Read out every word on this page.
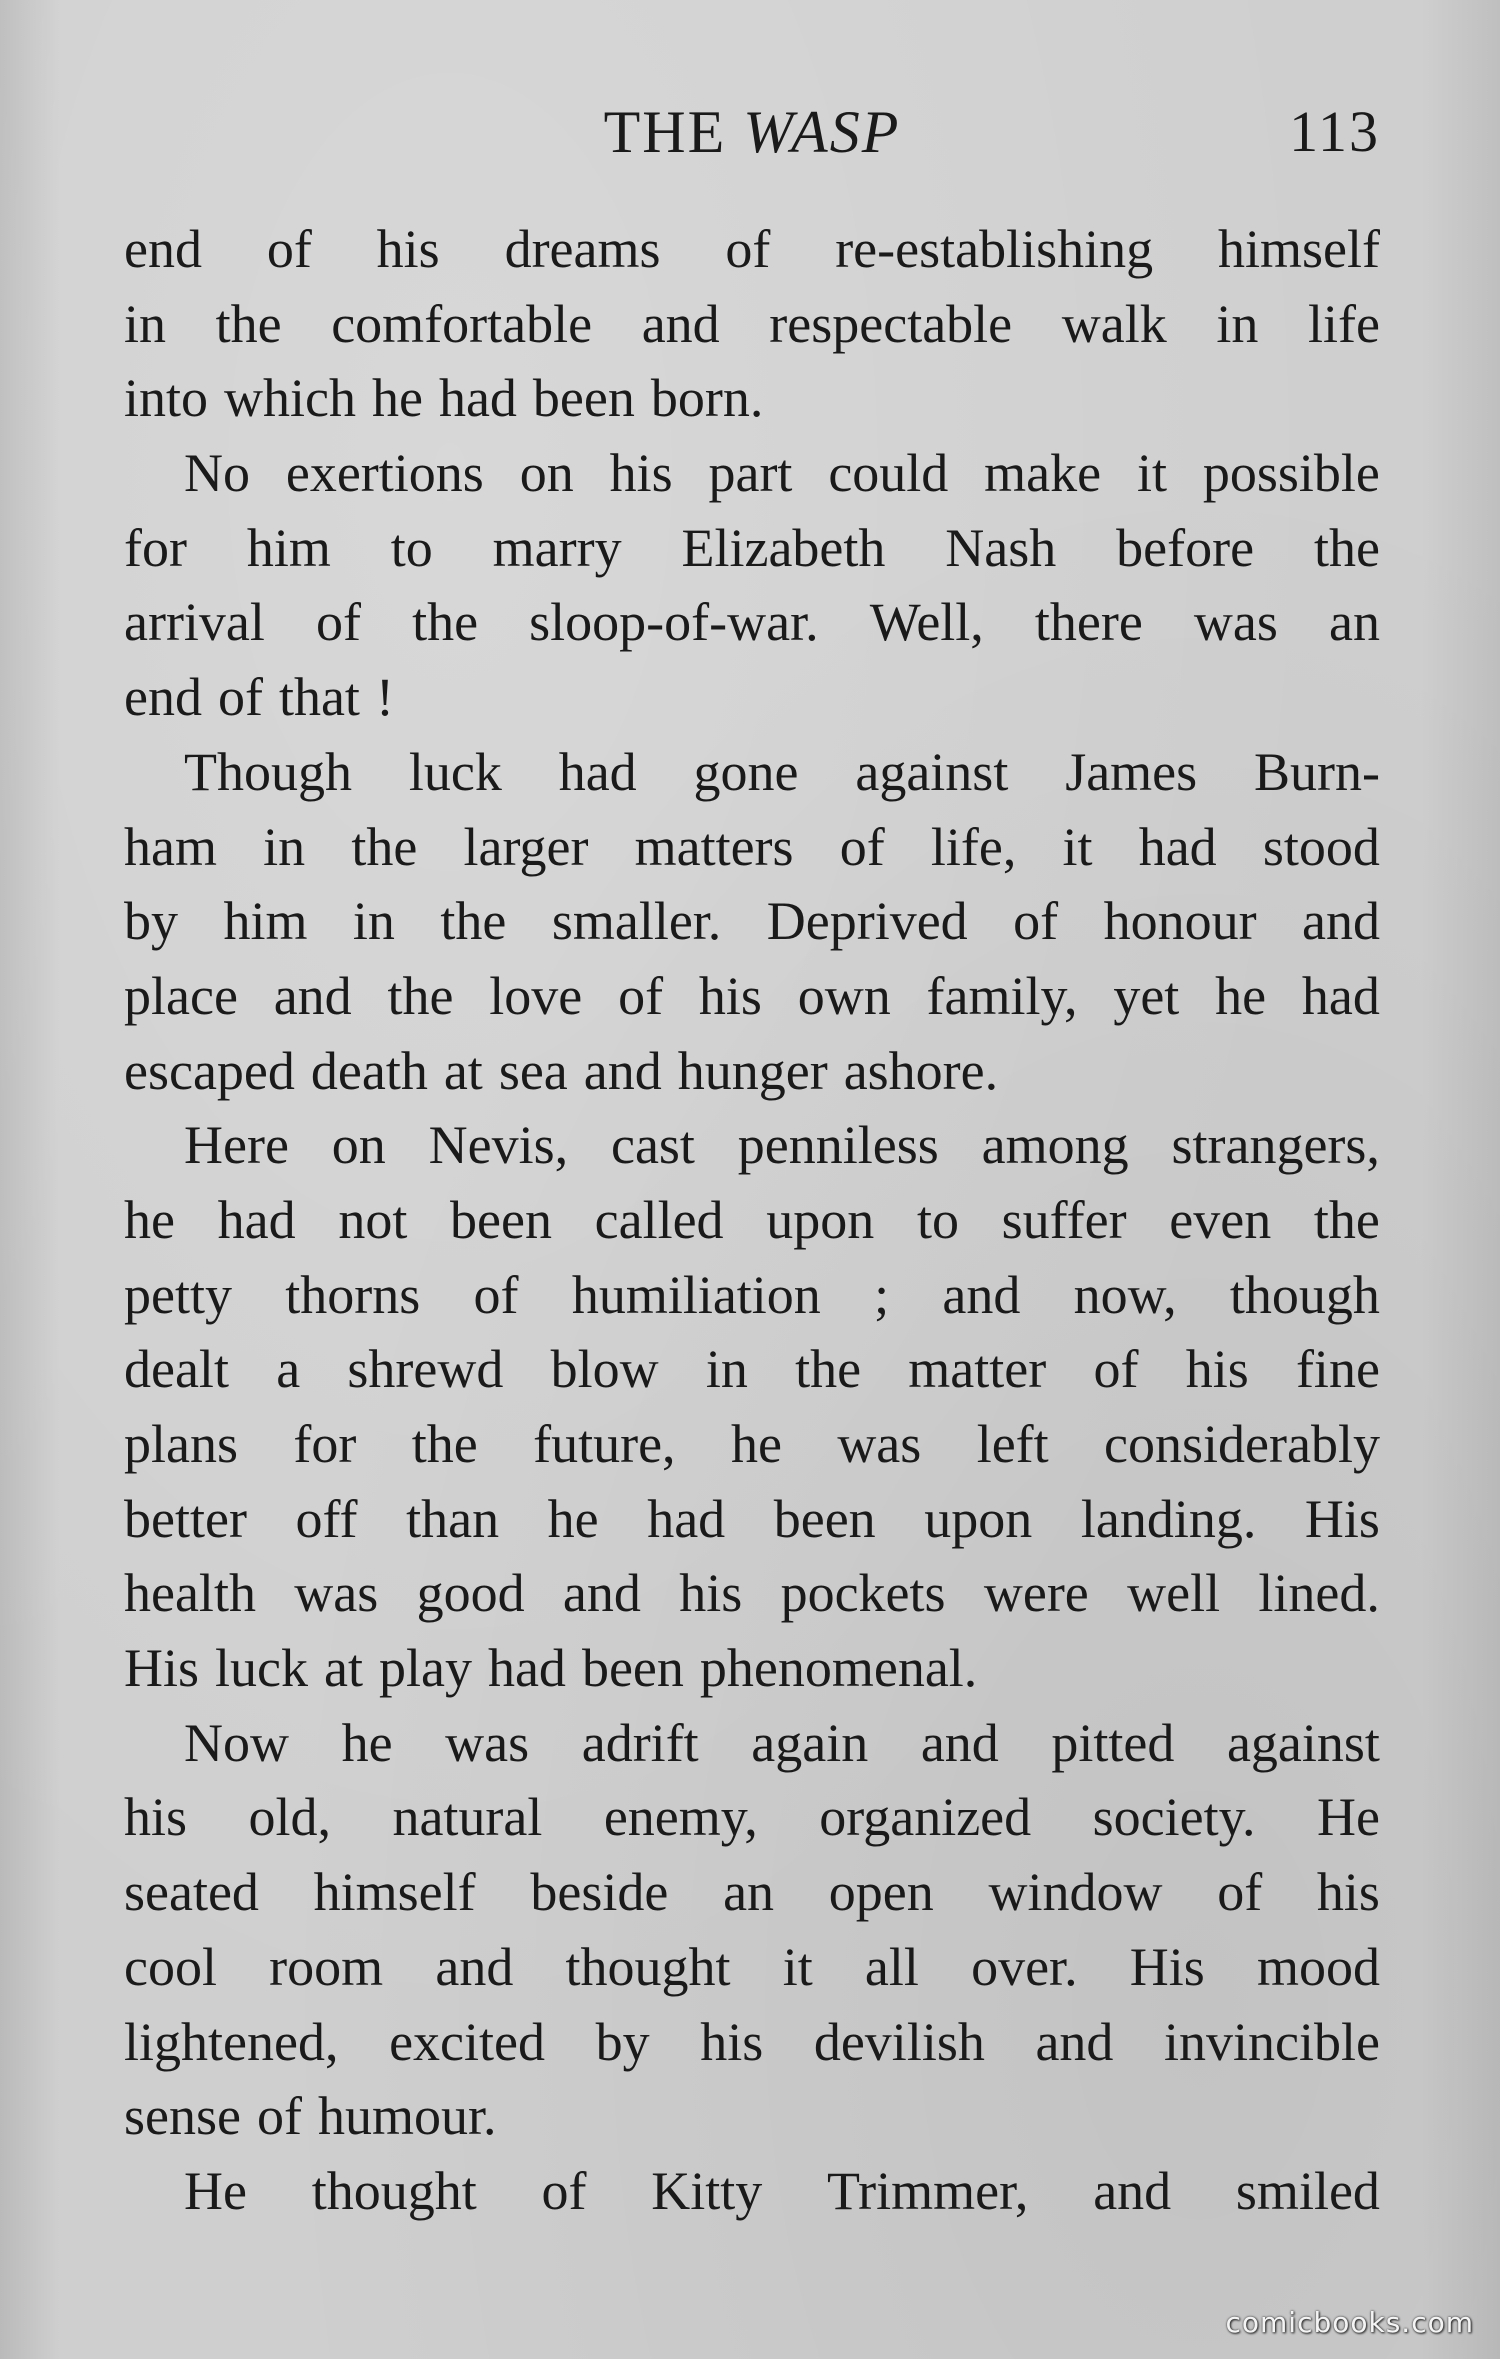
THE WASP	113
end of his dreams of re-establishing himself
in the comfortable and respectable walk in life
into which he had been born.
No exertions on his part could make it possible
for him to marry Elizabeth Nash before the
arrival of the sloop-of-war. Well, there was an
end of that !
Though luck had gone against James Burn-
ham in the larger matters of life, it had stood
by him in the smaller. Deprived of honour and
place and the love of his own family, yet he had
escaped death at sea and hunger ashore.
Here on Nevis, cast penniless among strangers,
he had not been called upon to suffer even the
petty thorns of humiliation ; and now, though
dealt a shrewd blow in the matter of his fine
plans for the future, he was left considerably
better off than he had been upon landing. His
health was good and his pockets were well lined.
His luck at play had been phenomenal.
Now he was adrift again and pitted against
his old, natural enemy, organized society. He
seated himself beside an open window of his
cool room and thought it all over. His mood
lightened, excited by his devilish and invincible
sense of humour.
He thought of Kitty Trimmer, and smiled
comicbooks.com
